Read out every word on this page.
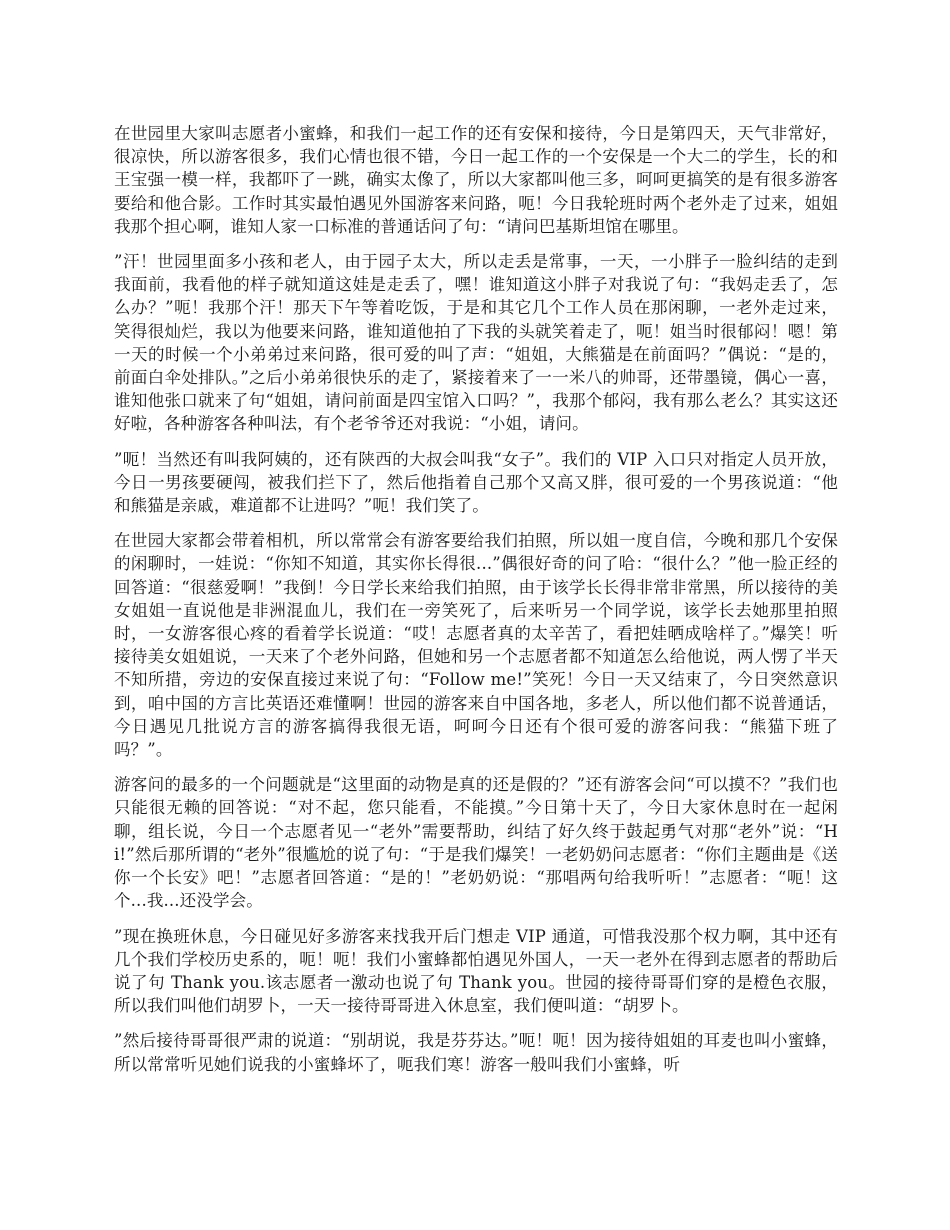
在世园里大家叫志愿者小蜜蜂，和我们一起工作的还有安保和接待，今日是第四天，天气非常好，很凉快，所以游客很多，我们心情也很不错，今日一起工作的一个安保是一个大二的学生，长的和王宝强一模一样，我都吓了一跳，确实太像了，所以大家都叫他三多，呵呵更搞笑的是有很多游客要给和他合影。工作时其实最怕遇见外国游客来问路，呃！今日我轮班时两个老外走了过来，姐姐我那个担心啊，谁知人家一口标准的普通话问了句：“请问巴基斯坦馆在哪里。

”汗！世园里面多小孩和老人，由于园子太大，所以走丢是常事，一天，一小胖子一脸纠结的走到我面前，我看他的样子就知道这娃是走丢了，嘿！谁知道这小胖子对我说了句：“我妈走丢了，怎么办？”呃！我那个汗！那天下午等着吃饭，于是和其它几个工作人员在那闲聊，一老外走过来，笑得很灿烂，我以为他要来问路，谁知道他拍了下我的头就笑着走了，呃！姐当时很郁闷！嗯！第一天的时候一个小弟弟过来问路，很可爱的叫了声：“姐姐，大熊猫是在前面吗？”偶说：“是的，前面白伞处排队。”之后小弟弟很快乐的走了，紧接着来了一一米八的帅哥，还带墨镜，偶心一喜，谁知他张口就来了句“姐姐，请问前面是四宝馆入口吗？”，我那个郁闷，我有那么老么？其实这还好啦，各种游客各种叫法，有个老爷爷还对我说：“小姐，请问。

”呃！当然还有叫我阿姨的，还有陕西的大叔会叫我“女子”。我们的 VIP 入口只对指定人员开放，今日一男孩要硬闯，被我们拦下了，然后他指着自己那个又高又胖，很可爱的一个男孩说道：“他和熊猫是亲戚，难道都不让进吗？”呃！我们笑了。

在世园大家都会带着相机，所以常常会有游客要给我们拍照，所以姐一度自信，今晚和那几个安保的闲聊时，一娃说：“你知不知道，其实你长得很...”偶很好奇的问了哈：“很什么？”他一脸正经的回答道：“很慈爱啊！”我倒！今日学长来给我们拍照，由于该学长长得非常非常黑，所以接待的美女姐姐一直说他是非洲混血儿，我们在一旁笑死了，后来听另一个同学说，该学长去她那里拍照时，一女游客很心疼的看着学长说道：“哎！志愿者真的太辛苦了，看把娃晒成啥样了。”爆笑！听接待美女姐姐说，一天来了个老外问路，但她和另一个志愿者都不知道怎么给他说，两人愣了半天不知所措，旁边的安保直接过来说了句：“Follow me!”笑死！今日一天又结束了，今日突然意识到，咱中国的方言比英语还难懂啊！世园的游客来自中国各地，多老人，所以他们都不说普通话，今日遇见几批说方言的游客搞得我很无语，呵呵今日还有个很可爱的游客问我：“熊猫下班了吗？”。

游客问的最多的一个问题就是“这里面的动物是真的还是假的？”还有游客会问“可以摸不？”我们也只能很无赖的回答说：“对不起，您只能看，不能摸。”今日第十天了，今日大家休息时在一起闲聊，组长说，今日一个志愿者见一“老外”需要帮助，纠结了好久终于鼓起勇气对那“老外”说：“Hi!”然后那所谓的“老外”很尴尬的说了句：“于是我们爆笑！一老奶奶问志愿者：“你们主题曲是《送你一个长安》吧！”志愿者回答道：“是的！”老奶奶说：“那唱两句给我听听！”志愿者：“呃！这个...我...还没学会。

”现在换班休息，今日碰见好多游客来找我开后门想走 VIP 通道，可惜我没那个权力啊，其中还有几个我们学校历史系的，呃！呃！我们小蜜蜂都怕遇见外国人，一天一老外在得到志愿者的帮助后说了句 Thank you.该志愿者一激动也说了句 Thank you。世园的接待哥哥们穿的是橙色衣服，所以我们叫他们胡罗卜，一天一接待哥哥进入休息室，我们便叫道：“胡罗卜。

”然后接待哥哥很严肃的说道：“别胡说，我是芬芬达。”呃！呃！因为接待姐姐的耳麦也叫小蜜蜂，所以常常听见她们说我的小蜜蜂坏了，呃我们寒！游客一般叫我们小蜜蜂，听
